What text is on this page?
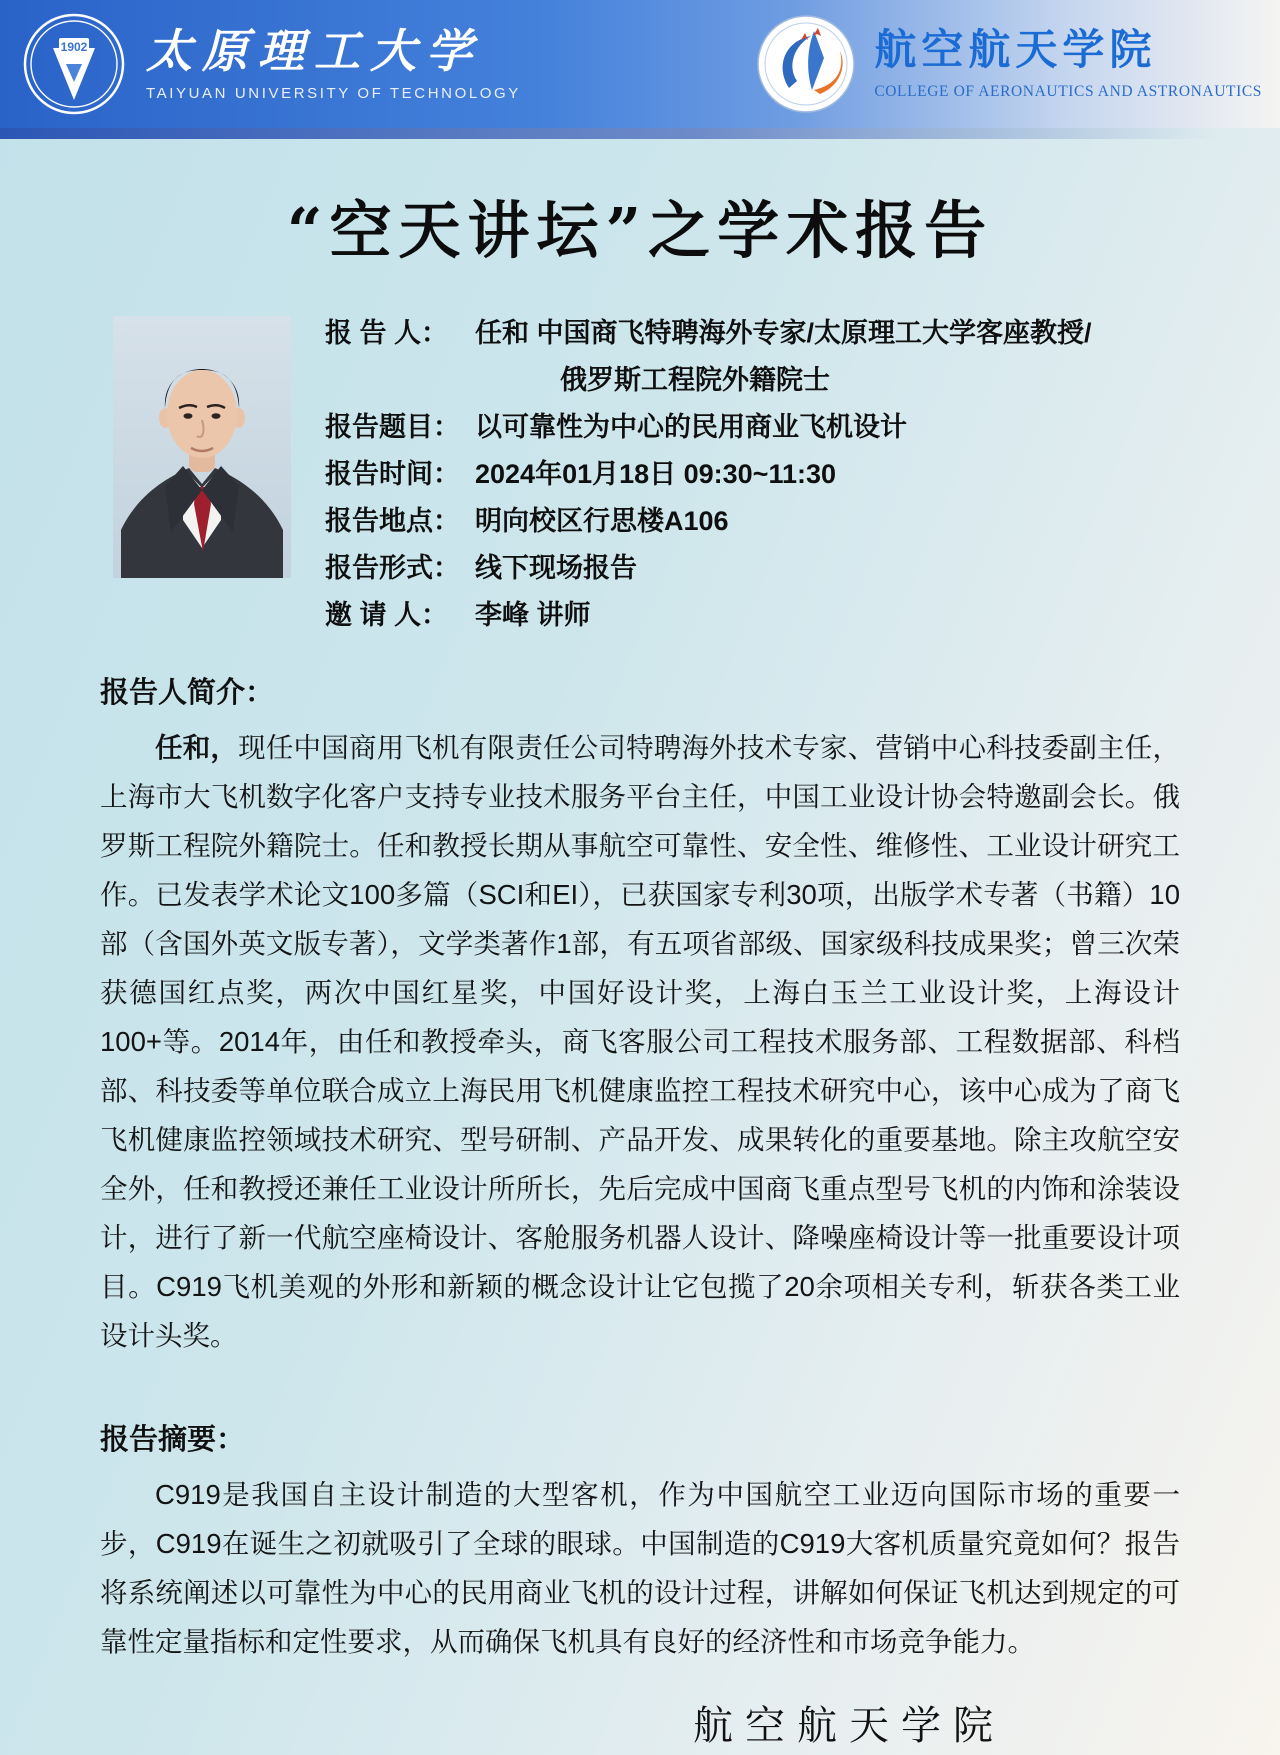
1902 太原理工大学
TAIYUAN UNIVERSITY OF TECHNOLOGY
航空航天学院
COLLEGE OF AERONAUTICS AND ASTRONAUTICS
“空天讲坛”之学术报告
报 告 人： 任和 中国商飞特聘海外专家/太原理工大学客座教授/
俄罗斯工程院外籍院士
报告题目： 以可靠性为中心的民用商业飞机设计
报告时间： 2024年01月18日 09:30~11:30
报告地点： 明向校区行思楼A106
报告形式： 线下现场报告
邀 请 人： 李峰 讲师
报告人简介：
任和，现任中国商用飞机有限责任公司特聘海外技术专家、营销中心科技委副主任，上海市大飞机数字化客户支持专业技术服务平台主任，中国工业设计协会特邀副会长。俄罗斯工程院外籍院士。任和教授长期从事航空可靠性、安全性、维修性、工业设计研究工作。已发表学术论文100多篇（SCI和EI），已获国家专利30项，出版学术专著（书籍）10部（含国外英文版专著），文学类著作1部，有五项省部级、国家级科技成果奖；曾三次荣获德国红点奖，两次中国红星奖，中国好设计奖，上海白玉兰工业设计奖，上海设计100+等。2014年，由任和教授牵头，商飞客服公司工程技术服务部、工程数据部、科档部、科技委等单位联合成立上海民用飞机健康监控工程技术研究中心，该中心成为了商飞飞机健康监控领域技术研究、型号研制、产品开发、成果转化的重要基地。除主攻航空安全外，任和教授还兼任工业设计所所长，先后完成中国商飞重点型号飞机的内饰和涂装设计，进行了新一代航空座椅设计、客舱服务机器人设计、降噪座椅设计等一批重要设计项目。C919飞机美观的外形和新颖的概念设计让它包揽了20余项相关专利，斩获各类工业设计头奖。
报告摘要：
C919是我国自主设计制造的大型客机，作为中国航空工业迈向国际市场的重要一步，C919在诞生之初就吸引了全球的眼球。中国制造的C919大客机质量究竟如何？报告将系统阐述以可靠性为中心的民用商业飞机的设计过程，讲解如何保证飞机达到规定的可靠性定量指标和定性要求，从而确保飞机具有良好的经济性和市场竞争能力。
航空航天学院
